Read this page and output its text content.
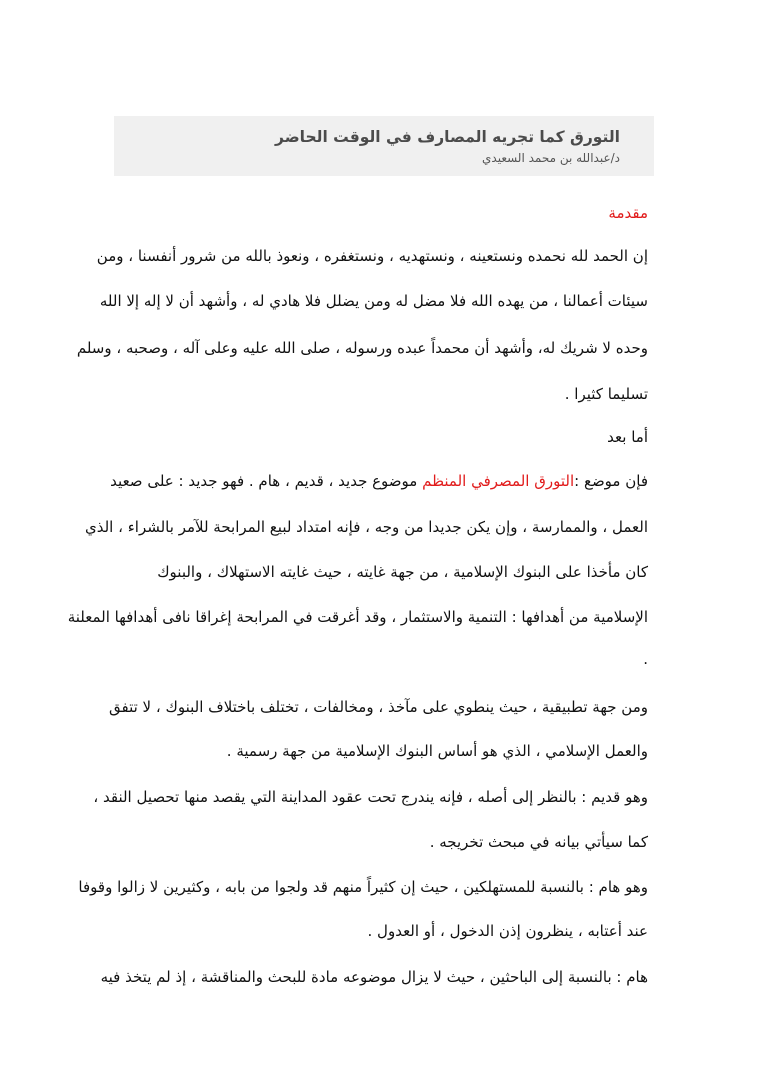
التورق كما تجريه المصارف في الوقت الحاضر
د/عبدالله بن محمد السعيدي
مقدمة
إن الحمد لله نحمده ونستعينه ، ونستهديه ، ونستغفره ، ونعوذ بالله من شرور أنفسنا ، ومن
سيئات أعمالنا ، من يهده الله فلا مضل له ومن يضلل فلا هادي له ، وأشهد أن لا إله إلا الله
وحده لا شريك له، وأشهد أن محمداً عبده ورسوله ، صلى الله عليه وعلى آله ، وصحبه ، وسلم
تسليما كثيرا .
أما بعد
فإن موضع :التورق المصرفي المنظم موضوع جديد ، قديم ، هام . فهو جديد : على صعيد
العمل ، والممارسة ، وإن يكن جديدا من وجه ، فإنه امتداد لبيع المرابحة للآمر بالشراء ، الذي
كان مأخذا على البنوك الإسلامية ، من جهة غايته ، حيث غايته الاستهلاك ، والبنوك
الإسلامية من أهدافها : التنمية والاستثمار ، وقد أغرقت في المرابحة إغراقا نافى أهدافها المعلنة
.
ومن جهة تطبيقية ، حيث ينطوي على مآخذ ، ومخالفات ، تختلف باختلاف البنوك ، لا تتفق
والعمل الإسلامي ، الذي هو أساس البنوك الإسلامية من جهة رسمية .
وهو قديم : بالنظر إلى أصله ، فإنه يندرج تحت عقود المداينة التي يقصد منها تحصيل النقد ،
كما سيأتي بيانه في مبحث تخريجه .
وهو هام : بالنسبة للمستهلكين ، حيث إن كثيراً منهم قد ولجوا من بابه ، وكثيرين لا زالوا وقوفا
عند أعتابه ، ينظرون إذن الدخول ، أو العدول .
هام : بالنسبة إلى الباحثين ، حيث لا يزال موضوعه مادة للبحث والمناقشة ، إذ لم يتخذ فيه
